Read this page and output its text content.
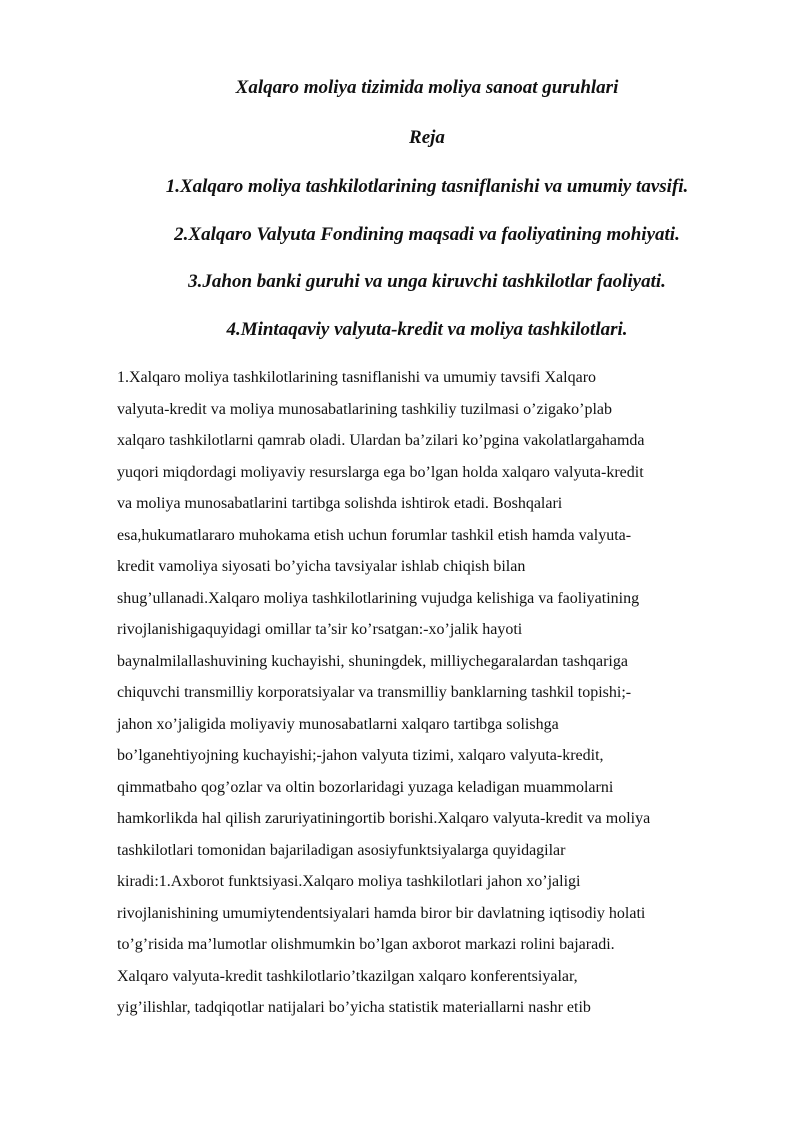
Xalqaro moliya tizimida moliya sanoat guruhlari
Reja
1.Xalqaro moliya tashkilotlarining tasniflanishi va umumiy tavsifi.
2.Xalqaro Valyuta Fondining maqsadi va faoliyatining mohiyati.
3.Jahon banki guruhi va unga kiruvchi tashkilotlar faoliyati.
4.Mintaqaviy valyuta-kredit va moliya tashkilotlari.
1.Xalqaro moliya tashkilotlarining tasniflanishi va umumiy tavsifi Xalqaro
valyuta-kredit va moliya munosabatlarining tashkiliy tuzilmasi o’zigako’plab
xalqaro tashkilotlarni qamrab oladi. Ulardan ba’zilari ko’pgina vakolatlargahamda
yuqori miqdordagi moliyaviy resurslarga ega bo’lgan holda xalqaro valyuta-kredit
va moliya munosabatlarini tartibga solishda ishtirok etadi. Boshqalari
esa,hukumatlararo muhokama etish uchun forumlar tashkil etish hamda valyuta-
kredit vamoliya siyosati bo’yicha tavsiyalar ishlab chiqish bilan
shug’ullanadi.Xalqaro moliya tashkilotlarining vujudga kelishiga va faoliyatining
rivojlanishigaquyidagi omillar ta’sir ko’rsatgan:-xo’jalik hayoti
baynalmilallashuvining kuchayishi, shuningdek, milliychegaralardan tashqariga
chiquvchi transmilliy korporatsiyalar va transmilliy banklarning tashkil topishi;-
jahon xo’jaligida moliyaviy munosabatlarni xalqaro tartibga solishga
bo’lganehtiyojning kuchayishi;-jahon valyuta tizimi, xalqaro valyuta-kredit,
qimmatbaho qog’ozlar va oltin bozorlaridagi yuzaga keladigan muammolarni
hamkorlikda hal qilish zaruriyatiningortib borishi.Xalqaro valyuta-kredit va moliya
tashkilotlari tomonidan bajariladigan asosiyfunktsiyalarga quyidagilar
kiradi:1.Axborot funktsiyasi.Xalqaro moliya tashkilotlari jahon xo’jaligi
rivojlanishining umumiytendentsiyalari hamda biror bir davlatning iqtisodiy holati
to’g’risida ma’lumotlar olishmumkin bo’lgan axborot markazi rolini bajaradi.
Xalqaro valyuta-kredit tashkilotlario’tkazilgan xalqaro konferentsiyalar,
yig’ilishlar, tadqiqotlar natijalari bo’yicha statistik materiallarni nashr etib
